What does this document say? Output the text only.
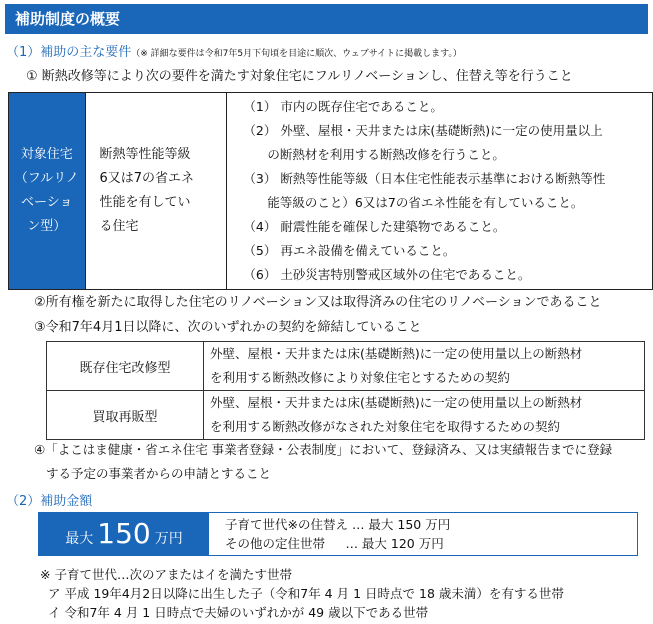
補助制度の概要
（1）補助の主な要件（※ 詳細な要件は令和7年5月下旬頃を目途に順次、ウェブサイトに掲載します。）
① 断熱改修等により次の要件を満たす対象住宅にフルリノベーションし、住替え等を行うこと
対象住宅
（フルリノ
ベーショ
ン型）

断熱等性能等級
6又は7の省エネ
性能を有してい
る住宅

（1） 市内の既存住宅であること。
（2） 外壁、屋根・天井または床(基礎断熱)に一定の使用量以上
の断熱材を利用する断熱改修を行うこと。
（3） 断熱等性能等級（日本住宅性能表示基準における断熱等性
能等級のこと）6又は7の省エネ性能を有していること。
（4） 耐震性能を確保した建築物であること。
（5） 再エネ設備を備えていること。
（6） 土砂災害特別警戒区域外の住宅であること。
②所有権を新たに取得した住宅のリノベーション又は取得済みの住宅のリノベーションであること
③令和7年4月1日以降に、次のいずれかの契約を締結していること
既存住宅改修型	外壁、屋根・天井または床(基礎断熱)に一定の使用量以上の断熱材
を利用する断熱改修により対象住宅とするための契約

買取再販型	外壁、屋根・天井または床(基礎断熱)に一定の使用量以上の断熱材
を利用する断熱改修がなされた対象住宅を取得するための契約
④「よこはま健康・省エネ住宅 事業者登録・公表制度」において、登録済み、又は実績報告までに登録
する予定の事業者からの申請とすること
（2）補助金額
最大 150 万円
子育て世代※の住替え … 最大 150 万円
その他の定住世帯 　 … 最大 120 万円
※ 子育て世代…次のアまたはイを満たす世帯
ア 平成 19年4月2日以降に出生した子（令和7年 4 月 1 日時点で 18 歳未満）を有する世帯
イ 令和7年 4 月 1 日時点で夫婦のいずれかが 49 歳以下である世帯
